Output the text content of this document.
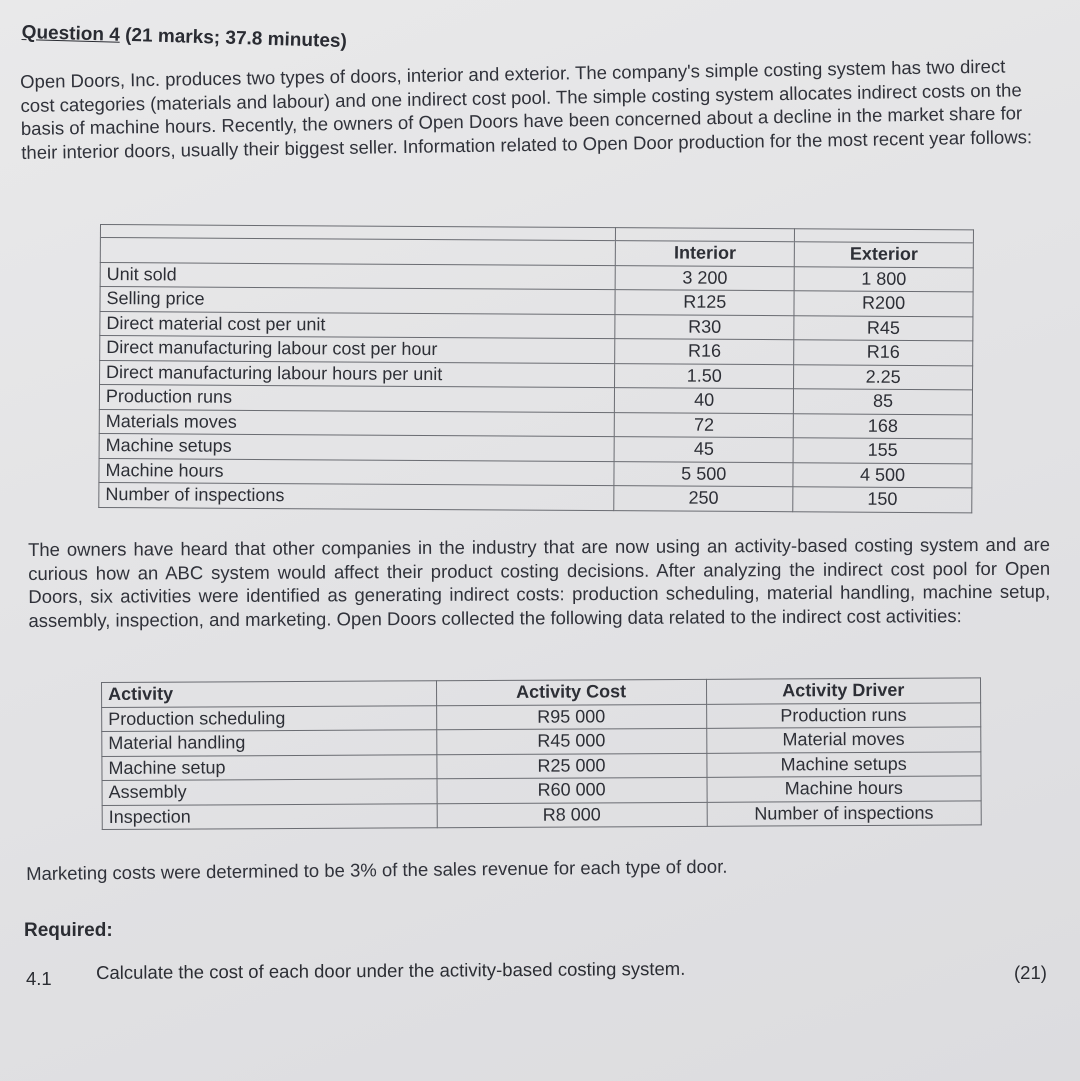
Question 4 (21 marks; 37.8 minutes)

Open Doors, Inc. produces two types of doors, interior and exterior. The company's simple costing system has two direct cost categories (materials and labour) and one indirect cost pool. The simple costing system allocates indirect costs on the basis of machine hours. Recently, the owners of Open Doors have been concerned about a decline in the market share for their interior doors, usually their biggest seller. Information related to Open Door production for the most recent year follows:

	Interior	Exterior
Unit sold	3 200	1 800
Selling price	R125	R200
Direct material cost per unit	R30	R45
Direct manufacturing labour cost per hour	R16	R16
Direct manufacturing labour hours per unit	1.50	2.25
Production runs	40	85
Materials moves	72	168
Machine setups	45	155
Machine hours	5 500	4 500
Number of inspections	250	150

The owners have heard that other companies in the industry that are now using an activity-based costing system and are curious how an ABC system would affect their product costing decisions. After analyzing the indirect cost pool for Open Doors, six activities were identified as generating indirect costs: production scheduling, material handling, machine setup, assembly, inspection, and marketing. Open Doors collected the following data related to the indirect cost activities:

Activity	Activity Cost	Activity Driver
Production scheduling	R95 000	Production runs
Material handling	R45 000	Material moves
Machine setup	R25 000	Machine setups
Assembly	R60 000	Machine hours
Inspection	R8 000	Number of inspections

Marketing costs were determined to be 3% of the sales revenue for each type of door.

Required:
4.1 Calculate the cost of each door under the activity-based costing system.	(21)
